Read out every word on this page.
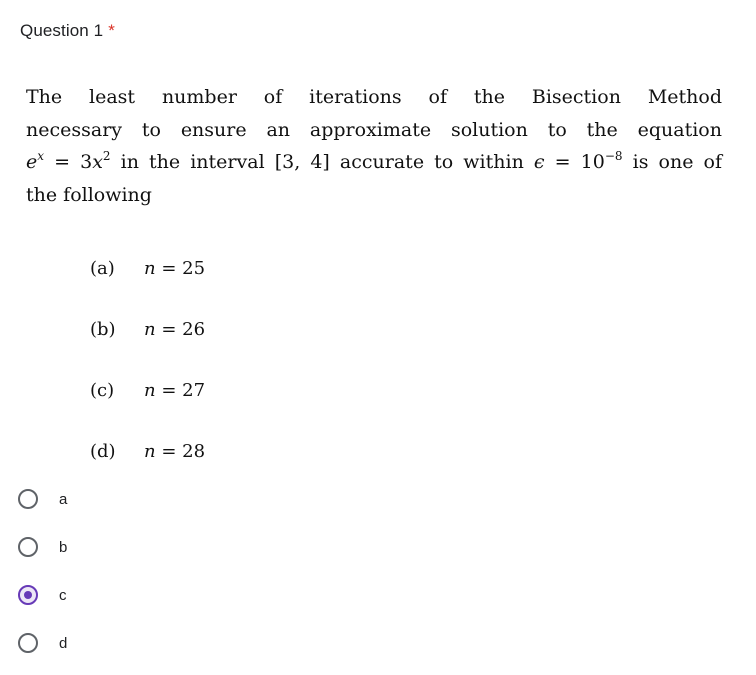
Question 1 *
The least number of iterations of the Bisection Method
necessary to ensure an approximate solution to the equation
$e^x = 3x^2$ in the interval [3, 4] accurate to within $\epsilon = 10^{-8}$ is one of
the following
(a)	n = 25
(b)	n = 26
(c)	n = 27
(d)	n = 28
a
b
c
d
